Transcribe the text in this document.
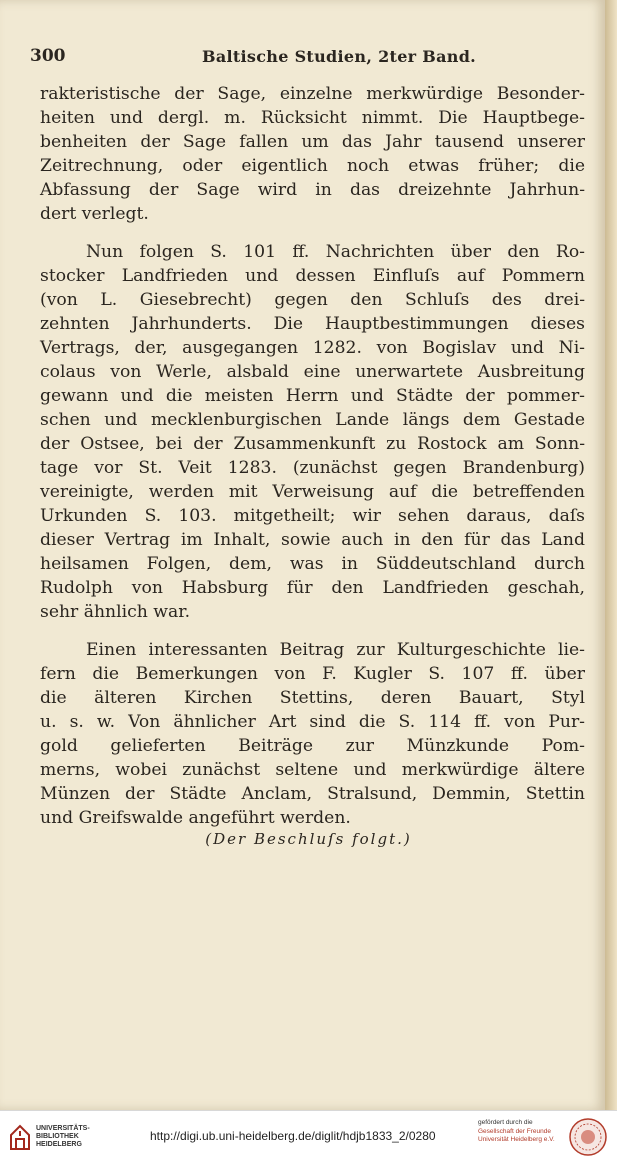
300	Baltische Studien, 2ter Band.
rakteristische der Sage, einzelne merkwürdige Besonder-
heiten und dergl. m. Rücksicht nimmt. Die Hauptbege-
benheiten der Sage fallen um das Jahr tausend unserer
Zeitrechnung, oder eigentlich noch etwas früher; die
Abfassung der Sage wird in das dreizehnte Jahrhun-
dert verlegt.
Nun folgen S. 101 ff. Nachrichten über den Ro-
stocker Landfrieden und dessen Einfluſs auf Pommern
(von L. Giesebrecht) gegen den Schluſs des drei-
zehnten Jahrhunderts. Die Hauptbestimmungen dieses
Vertrags, der, ausgegangen 1282. von Bogislav und Ni-
colaus von Werle, alsbald eine unerwartete Ausbreitung
gewann und die meisten Herrn und Städte der pommer-
schen und mecklenburgischen Lande längs dem Gestade
der Ostsee, bei der Zusammenkunft zu Rostock am Sonn-
tage vor St. Veit 1283. (zunächst gegen Brandenburg)
vereinigte, werden mit Verweisung auf die betreffenden
Urkunden S. 103. mitgetheilt; wir sehen daraus, daſs
dieser Vertrag im Inhalt, sowie auch in den für das Land
heilsamen Folgen, dem, was in Süddeutschland durch
Rudolph von Habsburg für den Landfrieden geschah,
sehr ähnlich war.
Einen interessanten Beitrag zur Kulturgeschichte lie-
fern die Bemerkungen von F. Kugler S. 107 ff. über
die älteren Kirchen Stettins, deren Bauart, Styl
u. s. w. Von ähnlicher Art sind die S. 114 ff. von Pur-
gold gelieferten Beiträge zur Münzkunde Pom-
merns, wobei zunächst seltene und merkwürdige ältere
Münzen der Städte Anclam, Stralsund, Demmin, Stettin
und Greifswalde angeführt werden.
(Der Beschluſs folgt.)
UNIVERSITÄTS-
BIBLIOTHEK
HEIDELBERG
http://digi.ub.uni-heidelberg.de/diglit/hdjb1833_2/0280
gefördert durch die
Gesellschaft der Freunde
Universität Heidelberg e.V.
